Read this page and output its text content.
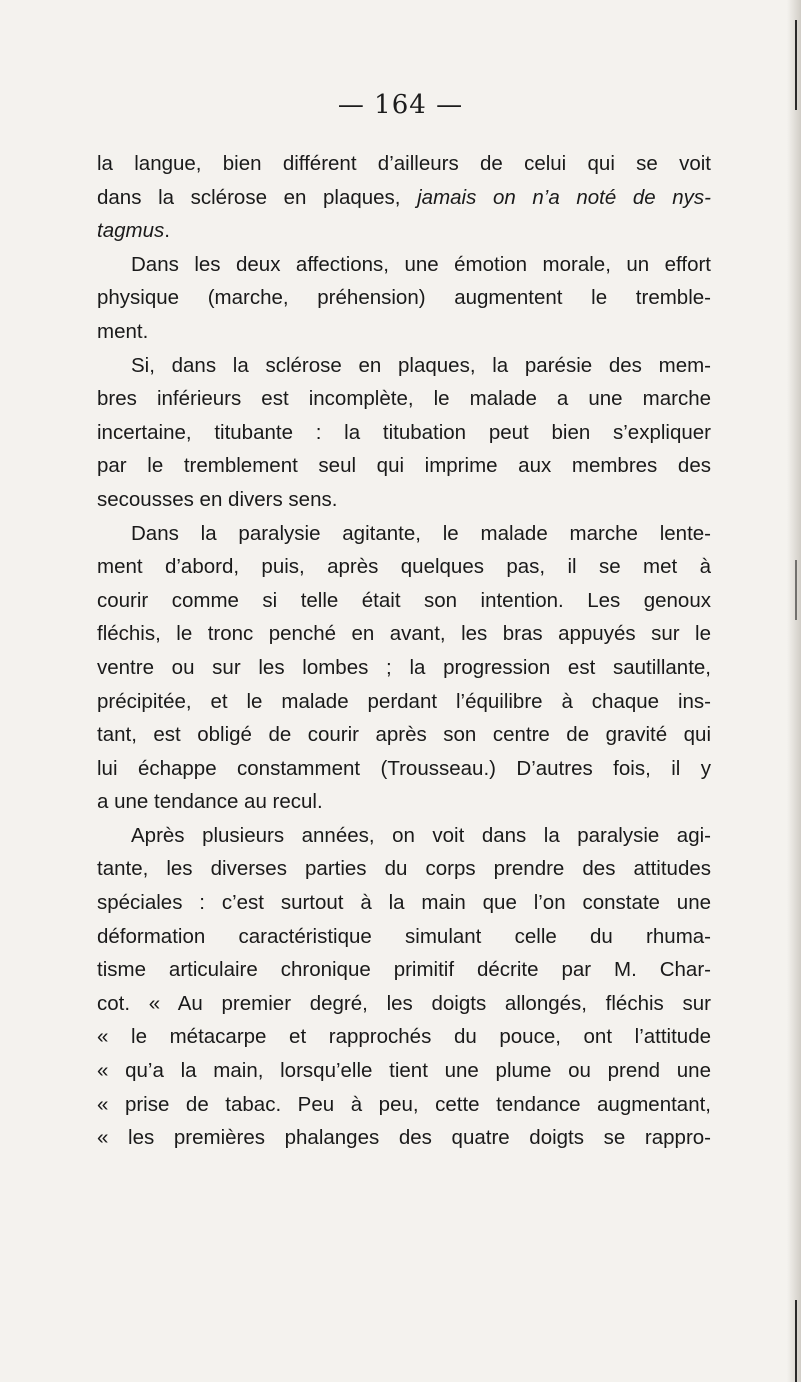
— 164 —
la langue, bien différent d’ailleurs de celui qui se voit
dans la sclérose en plaques, jamais on n’a noté de nys-
tagmus.
Dans les deux affections, une émotion morale, un effort
physique (marche, préhension) augmentent le tremble-
ment.
Si, dans la sclérose en plaques, la parésie des mem-
bres inférieurs est incomplète, le malade a une marche
incertaine, titubante : la titubation peut bien s’expliquer
par le tremblement seul qui imprime aux membres des
secousses en divers sens.
Dans la paralysie agitante, le malade marche lente-
ment d’abord, puis, après quelques pas, il se met à
courir comme si telle était son intention. Les genoux
fléchis, le tronc penché en avant, les bras appuyés sur le
ventre ou sur les lombes ; la progression est sautillante,
précipitée, et le malade perdant l’équilibre à chaque ins-
tant, est obligé de courir après son centre de gravité qui
lui échappe constamment (Trousseau.) D’autres fois, il y
a une tendance au recul.
Après plusieurs années, on voit dans la paralysie agi-
tante, les diverses parties du corps prendre des attitudes
spéciales : c’est surtout à la main que l’on constate une
déformation caractéristique simulant celle du rhuma-
tisme articulaire chronique primitif décrite par M. Char-
cot. « Au premier degré, les doigts allongés, fléchis sur
« le métacarpe et rapprochés du pouce, ont l’attitude
« qu’a la main, lorsqu’elle tient une plume ou prend une
« prise de tabac. Peu à peu, cette tendance augmentant,
« les premières phalanges des quatre doigts se rappro-
